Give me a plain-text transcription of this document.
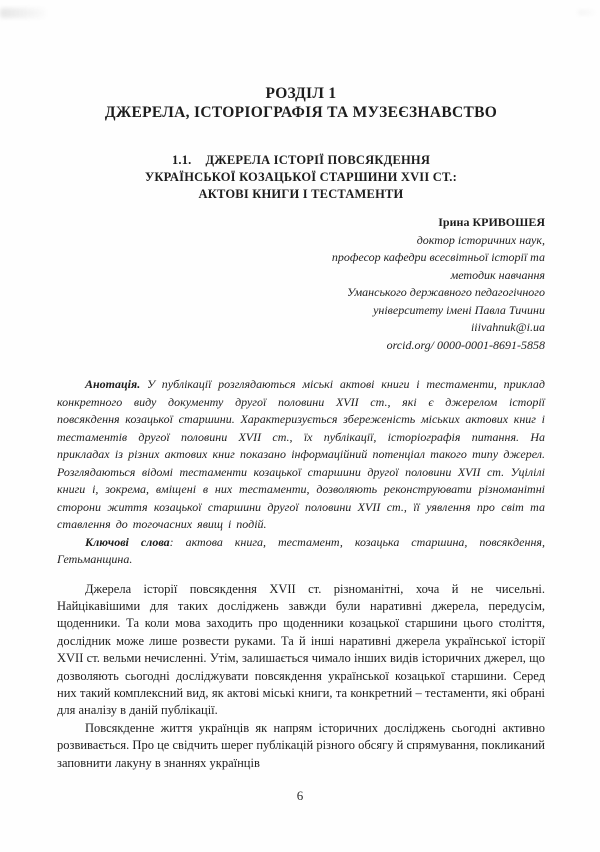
РОЗДІЛ 1
ДЖЕРЕЛА, ІСТОРІОГРАФІЯ ТА МУЗЕЄЗНАВСТВО
1.1. ДЖЕРЕЛА ІСТОРІЇ ПОВСЯКДЕННЯ
УКРАЇНСЬКОЇ КОЗАЦЬКОЇ СТАРШИНИ XVII СТ.:
АКТОВІ КНИГИ І ТЕСТАМЕНТИ
Ірина КРИВОШЕЯ
доктор історичних наук,
професор кафедри всесвітньої історії та
методик навчання
Уманського державного педагогічного
університету імені Павла Тичини
iiivahnuk@i.ua
orcid.org/ 0000-0001-8691-5858

Анотація. У публікації розглядаються міські актові книги і тестаменти, приклад конкретного виду документу другої половини XVII ст., які є джерелом історії повсякдення козацької старшини. Характеризується збереженість міських актових книг і тестаментів другої половини XVII ст., їх публікації, історіографія питання. На прикладах із різних актових книг показано інформаційний потенціал такого типу джерел. Розглядаються відомі тестаменти козацької старшини другої половини XVII ст. Уцілілі книги і, зокрема, вміщені в них тестаменти, дозволяють реконструювати різноманітні сторони життя козацької старшини другої половини XVII ст., її уявлення про світ та ставлення до тогочасних явищ і подій.

Ключові слова: актова книга, тестамент, козацька старшина, повсякдення, Гетьманщина.

Джерела історії повсякдення XVII ст. різноманітні, хоча й не чисельні. Найцікавішими для таких досліджень завжди були наративні джерела, передусім, щоденники. Та коли мова заходить про щоденники козацької старшини цього століття, дослідник може лише розвести руками. Та й інші наративні джерела української історії XVII ст. вельми нечисленні. Утім, залишається чимало інших видів історичних джерел, що дозволяють сьогодні досліджувати повсякдення української козацької старшини. Серед них такий комплексний вид, як актові міські книги, та конкретний – тестаменти, які обрані для аналізу в даній публікації.

Повсякденне життя українців як напрям історичних досліджень сьогодні активно розвивається. Про це свідчить шерег публікацій різного обсягу й спрямування, покликаний заповнити лакуну в знаннях українців

6
